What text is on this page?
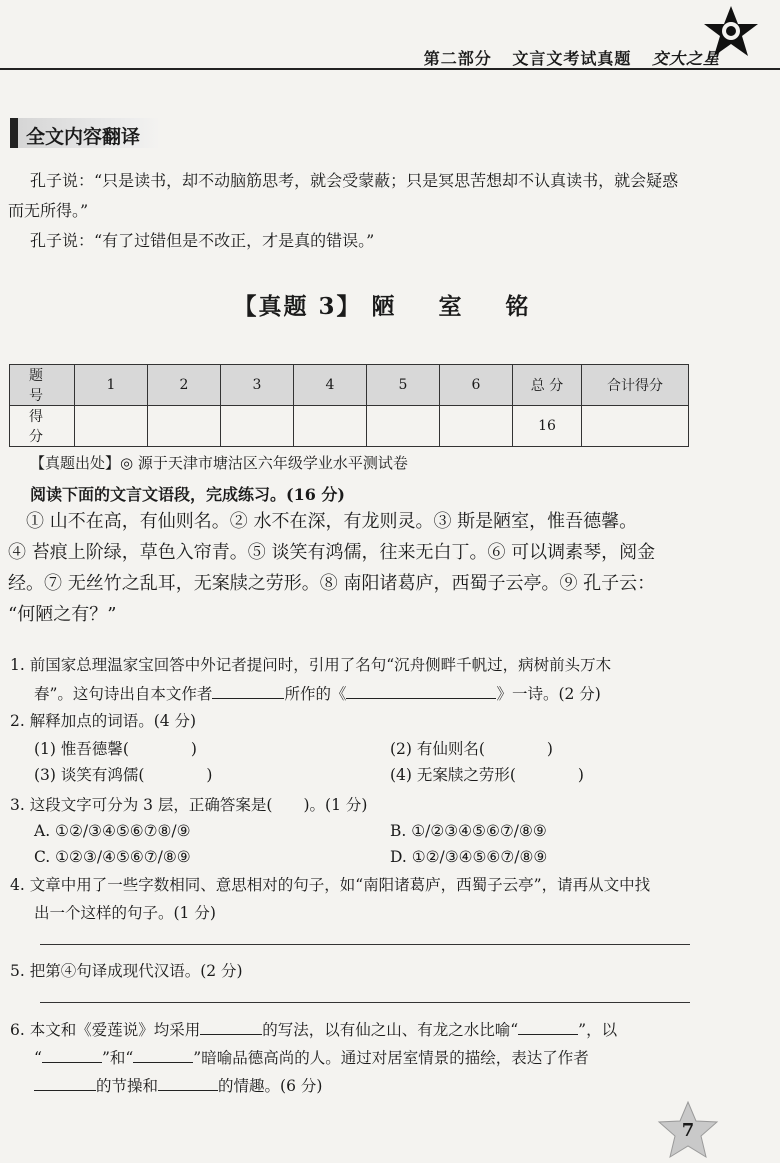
第二部分 文言文考试真题 交大之星
全文内容翻译
孔子说：“只是读书，却不动脑筋思考，就会受蒙蔽；只是冥思苦想却不认真读书，就会疑惑
而无所得。”
孔子说：“有了过错但是不改正，才是真的错误。”
【真题 3】 陋 室 铭
题 号	1	2	3	4	5	6	总 分	合计得分
得 分							16	
【真题出处】◎ 源于天津市塘沽区六年级学业水平测试卷
阅读下面的文言文语段，完成练习。(16 分)
　① 山不在高，有仙则名。② 水不在深，有龙则灵。③ 斯是陋室，惟吾德馨。
④ 苔痕上阶绿，草色入帘青。⑤ 谈笑有鸿儒，往来无白丁。⑥ 可以调素琴，阅金
经。⑦ 无丝竹之乱耳，无案牍之劳形。⑧ 南阳诸葛庐，西蜀子云亭。⑨ 孔子云：
“何陋之有？”
1. 前国家总理温家宝回答中外记者提问时，引用了名句“沉舟侧畔千帆过，病树前头万木
春”。这句诗出自本文作者	所作的《	》一诗。(2 分)
2. 解释加点的词语。(4 分)
(1) 惟吾德馨(　　　　)	(2) 有仙则名(　　　　)
(3) 谈笑有鸿儒(　　　　)	(4) 无案牍之劳形(　　　　)
3. 这段文字可分为 3 层，正确答案是(　　)。(1 分)
A. ①②/③④⑤⑥⑦⑧/⑨	B. ①/②③④⑤⑥⑦/⑧⑨
C. ①②③/④⑤⑥⑦/⑧⑨	D. ①②/③④⑤⑥⑦/⑧⑨
4. 文章中用了一些字数相同、意思相对的句子，如“南阳诸葛庐，西蜀子云亭”，请再从文中找
出一个这样的句子。(1 分)
5. 把第④句译成现代汉语。(2 分)
6. 本文和《爱莲说》均采用	的写法，以有仙之山、有龙之水比喻“	”，以
“	”和“	”暗喻品德高尚的人。通过对居室情景的描绘，表达了作者
的节操和	的情趣。(6 分)
7
